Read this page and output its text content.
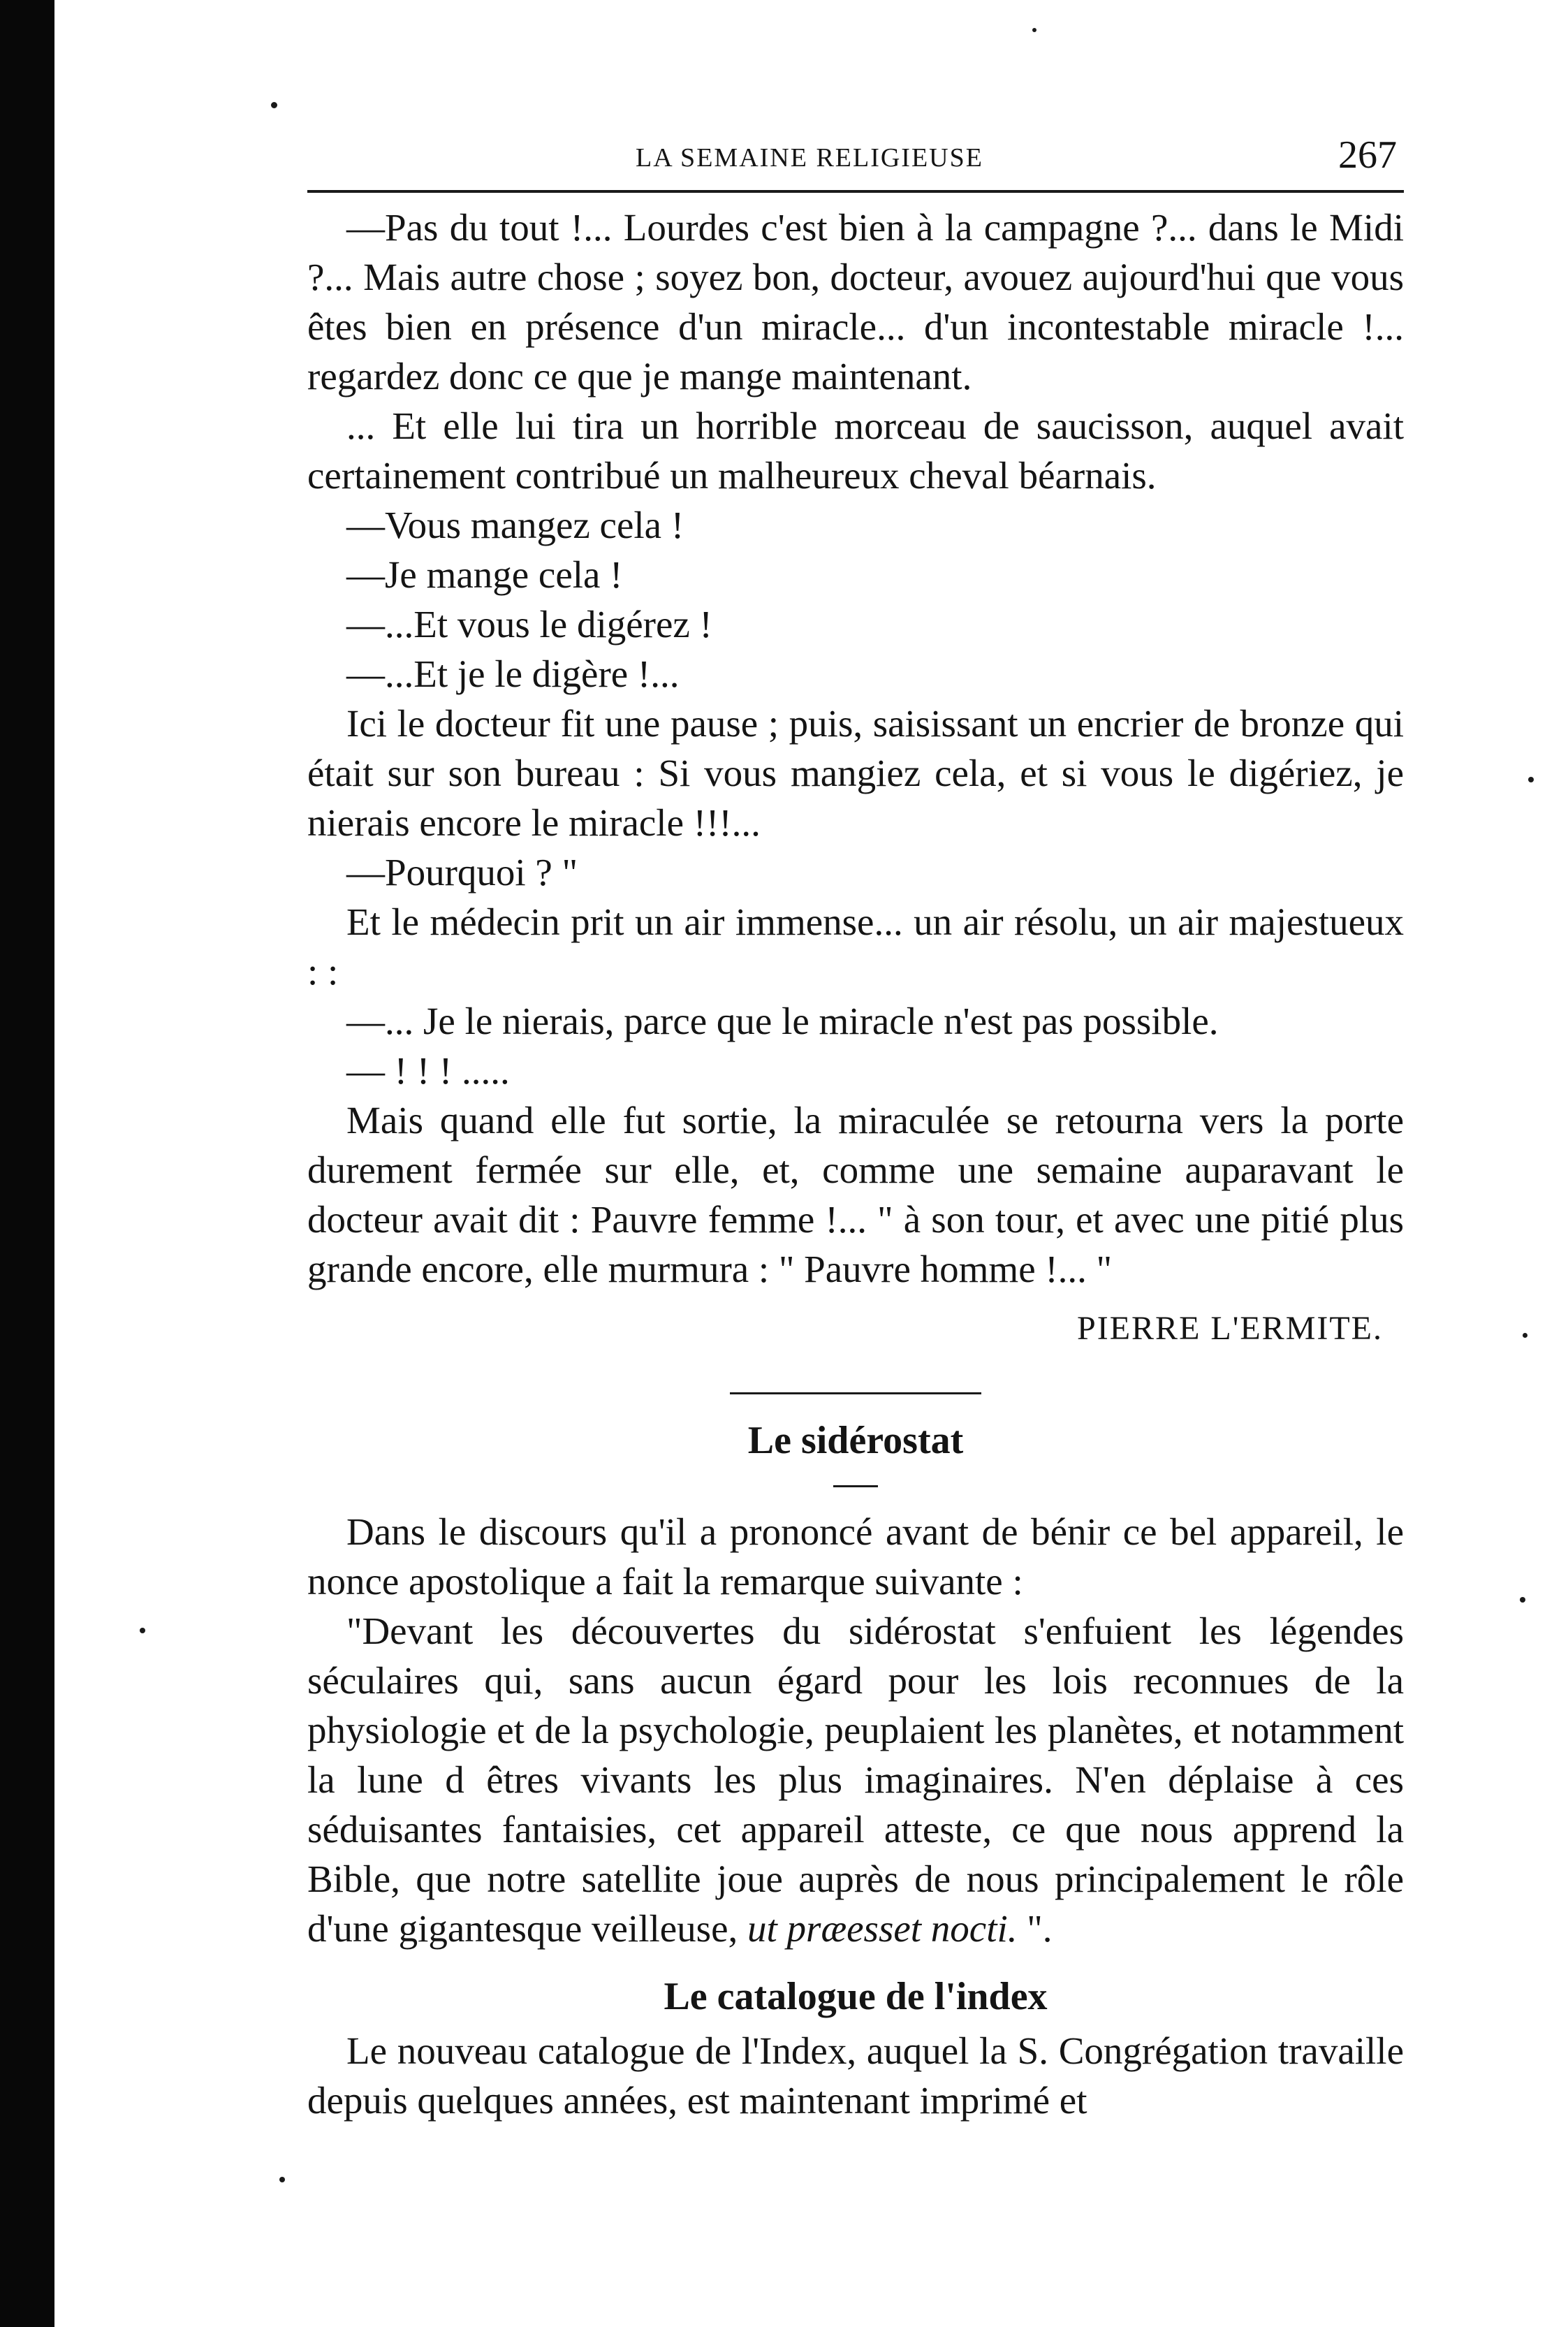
LA SEMAINE RELIGIEUSE	267

—Pas du tout !... Lourdes c'est bien à la campagne ?... dans le Midi ?... Mais autre chose ; soyez bon, docteur, avouez aujourd'hui que vous êtes bien en présence d'un miracle... d'un incontestable miracle !... regardez donc ce que je mange maintenant.

... Et elle lui tira un horrible morceau de saucisson, auquel avait certainement contribué un malheureux cheval béarnais.

—Vous mangez cela !

—Je mange cela !

—...Et vous le digérez !

—...Et je le digère !...

Ici le docteur fit une pause ; puis, saisissant un encrier de bronze qui était sur son bureau : Si vous mangiez cela, et si vous le digériez, je nierais encore le miracle !!!...

—Pourquoi ? "

Et le médecin prit un air immense... un air résolu, un air majestueux : :

—... Je le nierais, parce que le miracle n'est pas possible.

— ! ! ! .....

Mais quand elle fut sortie, la miraculée se retourna vers la porte durement fermée sur elle, et, comme une semaine auparavant le docteur avait dit : Pauvre femme !... " à son tour, et avec une pitié plus grande encore, elle murmura : " Pauvre homme !... "

PIERRE L'ERMITE.

Le sidérostat

Dans le discours qu'il a prononcé avant de bénir ce bel appareil, le nonce apostolique a fait la remarque suivante :

"Devant les découvertes du sidérostat s'enfuient les légendes séculaires qui, sans aucun égard pour les lois reconnues de la physiologie et de la psychologie, peuplaient les planètes, et notamment la lune d êtres vivants les plus imaginaires. N'en déplaise à ces séduisantes fantaisies, cet appareil atteste, ce que nous apprend la Bible, que notre satellite joue auprès de nous principalement le rôle d'une gigantesque veilleuse, ut præesset nocti. ".

Le catalogue de l'index

Le nouveau catalogue de l'Index, auquel la S. Congrégation travaille depuis quelques années, est maintenant imprimé et
